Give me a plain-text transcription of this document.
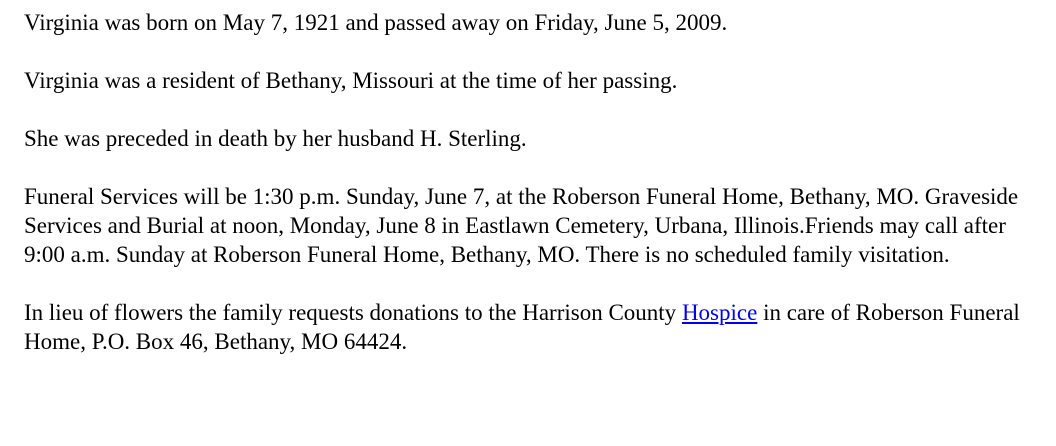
Virginia was born on May 7, 1921 and passed away on Friday, June 5, 2009.

Virginia was a resident of Bethany, Missouri at the time of her passing.

She was preceded in death by her husband H. Sterling.

Funeral Services will be 1:30 p.m. Sunday, June 7, at the Roberson Funeral Home, Bethany, MO. Graveside Services and Burial at noon, Monday, June 8 in Eastlawn Cemetery, Urbana, Illinois.Friends may call after 9:00 a.m. Sunday at Roberson Funeral Home, Bethany, MO. There is no scheduled family visitation.

In lieu of flowers the family requests donations to the Harrison County Hospice in care of Roberson Funeral Home, P.O. Box 46, Bethany, MO 64424.
